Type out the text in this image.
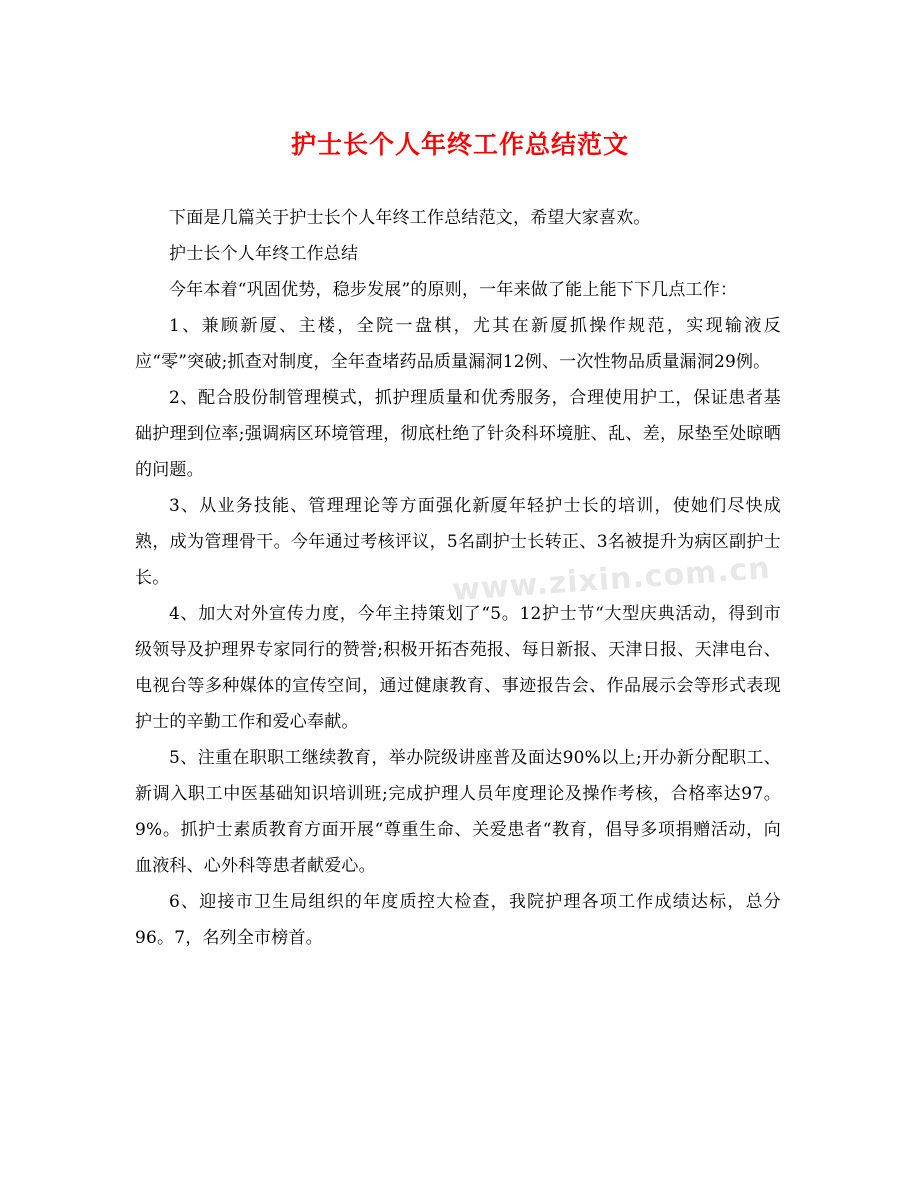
护士长个人年终工作总结范文

下面是几篇关于护士长个人年终工作总结范文，希望大家喜欢。

护士长个人年终工作总结

今年本着“巩固优势，稳步发展”的原则，一年来做了能上能下下几点工作：

1、兼顾新厦、主楼，全院一盘棋，尤其在新厦抓操作规范，实现输液反应“零”突破;抓查对制度，全年查堵药品质量漏洞12例、一次性物品质量漏洞29例。

2、配合股份制管理模式，抓护理质量和优秀服务，合理使用护工，保证患者基础护理到位率;强调病区环境管理，彻底杜绝了针灸科环境脏、乱、差，尿垫至处晾晒的问题。

3、从业务技能、管理理论等方面强化新厦年轻护士长的培训，使她们尽快成熟，成为管理骨干。今年通过考核评议，5名副护士长转正、3名被提升为病区副护士长。

4、加大对外宣传力度，今年主持策划了“5。12护士节“大型庆典活动，得到市级领导及护理界专家同行的赞誉;积极开拓杏苑报、每日新报、天津日报、天津电台、电视台等多种媒体的宣传空间，通过健康教育、事迹报告会、作品展示会等形式表现护士的辛勤工作和爱心奉献。

5、注重在职职工继续教育，举办院级讲座普及面达90%以上;开办新分配职工、新调入职工中医基础知识培训班;完成护理人员年度理论及操作考核，合格率达97。9%。抓护士素质教育方面开展“尊重生命、关爱患者“教育，倡导多项捐赠活动，向血液科、心外科等患者献爱心。

6、迎接市卫生局组织的年度质控大检查，我院护理各项工作成绩达标，总分96。7，名列全市榜首。

www.zixin.com.cn
